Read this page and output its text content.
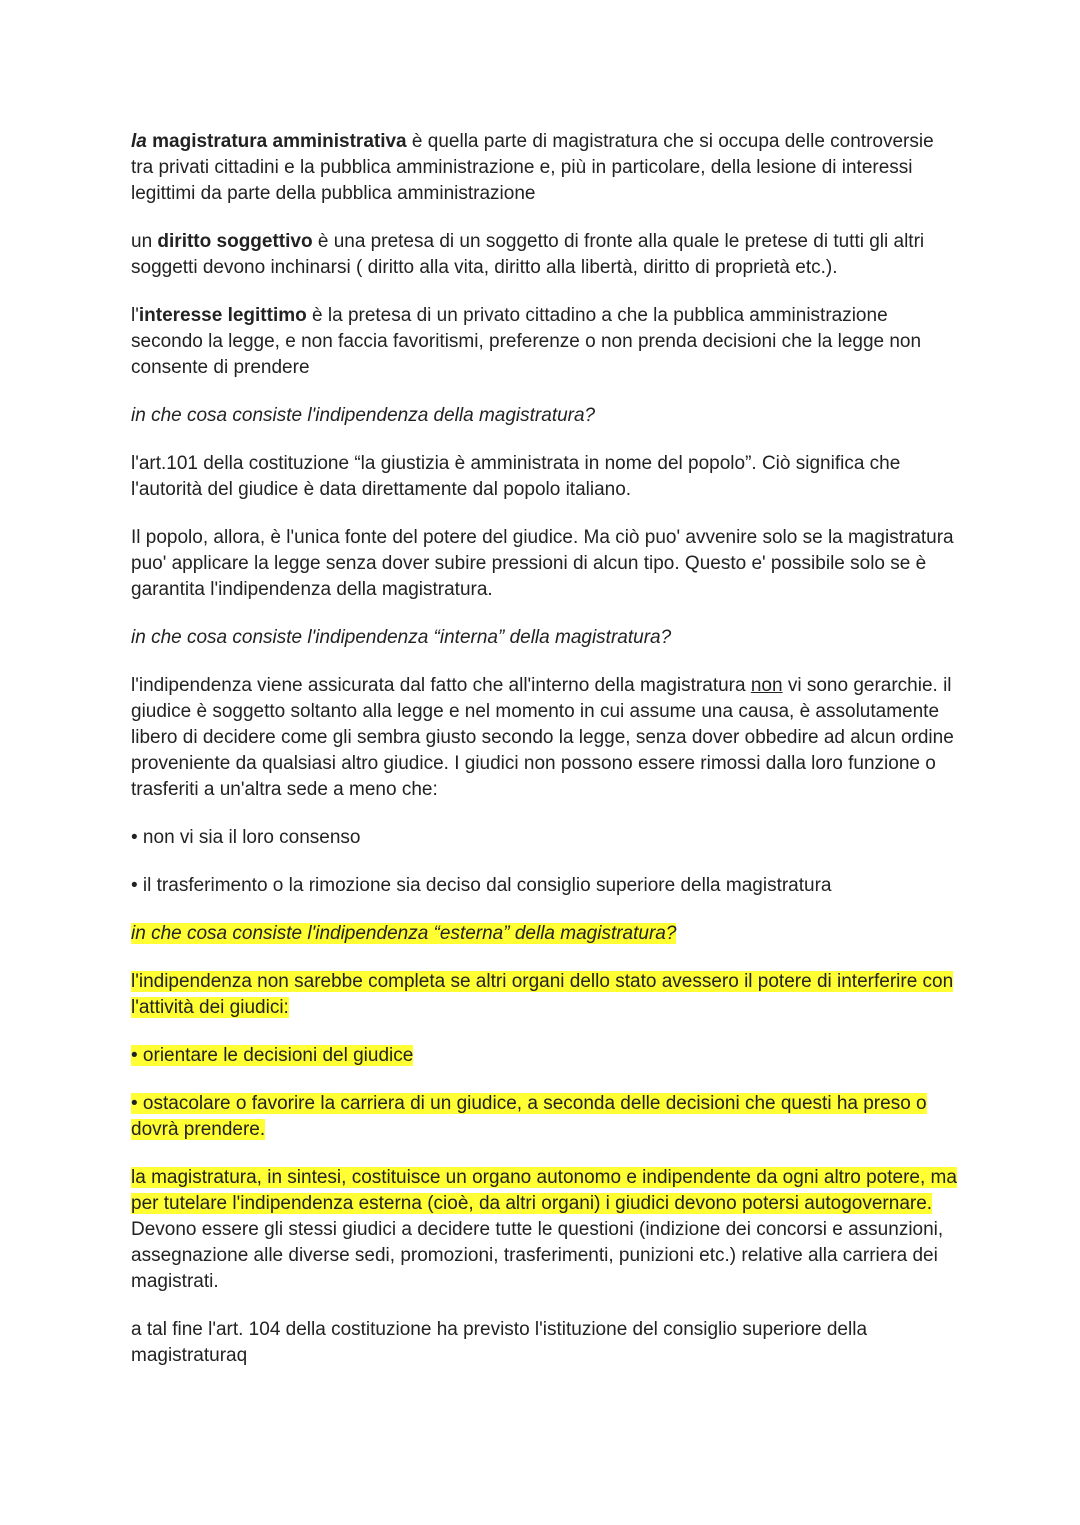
la magistratura amministrativa è quella parte di magistratura che si occupa delle controversie tra privati cittadini e la pubblica amministrazione e, più in particolare, della lesione di interessi legittimi da parte della pubblica amministrazione

un diritto soggettivo è una pretesa di un soggetto di fronte alla quale le pretese di tutti gli altri soggetti devono inchinarsi ( diritto alla vita, diritto alla libertà, diritto di proprietà etc.).

l'interesse legittimo è la pretesa di un privato cittadino a che la pubblica amministrazione secondo la legge, e non faccia favoritismi, preferenze o non prenda decisioni che la legge non consente di prendere

in che cosa consiste l'indipendenza della magistratura?

l'art.101 della costituzione “la giustizia è amministrata in nome del popolo”. Ciò significa che l'autorità del giudice è data direttamente dal popolo italiano.

Il popolo, allora, è l'unica fonte del potere del giudice. Ma ciò puo' avvenire solo se la magistratura puo' applicare la legge senza dover subire pressioni di alcun tipo. Questo e' possibile solo se è garantita l'indipendenza della magistratura.

in che cosa consiste l'indipendenza “interna” della magistratura?

l'indipendenza viene assicurata dal fatto che all'interno della magistratura non vi sono gerarchie. il giudice è soggetto soltanto alla legge e nel momento in cui assume una causa, è assolutamente libero di decidere come gli sembra giusto secondo la legge, senza dover obbedire ad alcun ordine proveniente da qualsiasi altro giudice. I giudici non possono essere rimossi dalla loro funzione o trasferiti a un'altra sede a meno che:

• non vi sia il loro consenso

• il trasferimento o la rimozione sia deciso dal consiglio superiore della magistratura

in che cosa consiste l'indipendenza “esterna” della magistratura?

l'indipendenza non sarebbe completa se altri organi dello stato avessero il potere di interferire con l'attività dei giudici:

• orientare le decisioni del giudice

• ostacolare o favorire la carriera di un giudice, a seconda delle decisioni che questi ha preso o dovrà prendere.

la magistratura, in sintesi, costituisce un organo autonomo e indipendente da ogni altro potere, ma per tutelare l'indipendenza esterna (cioè, da altri organi) i giudici devono potersi autogovernare. Devono essere gli stessi giudici a decidere tutte le questioni (indizione dei concorsi e assunzioni, assegnazione alle diverse sedi, promozioni, trasferimenti, punizioni etc.) relative alla carriera dei magistrati.

a tal fine l'art. 104 della costituzione ha previsto l'istituzione del consiglio superiore della magistraturaq
